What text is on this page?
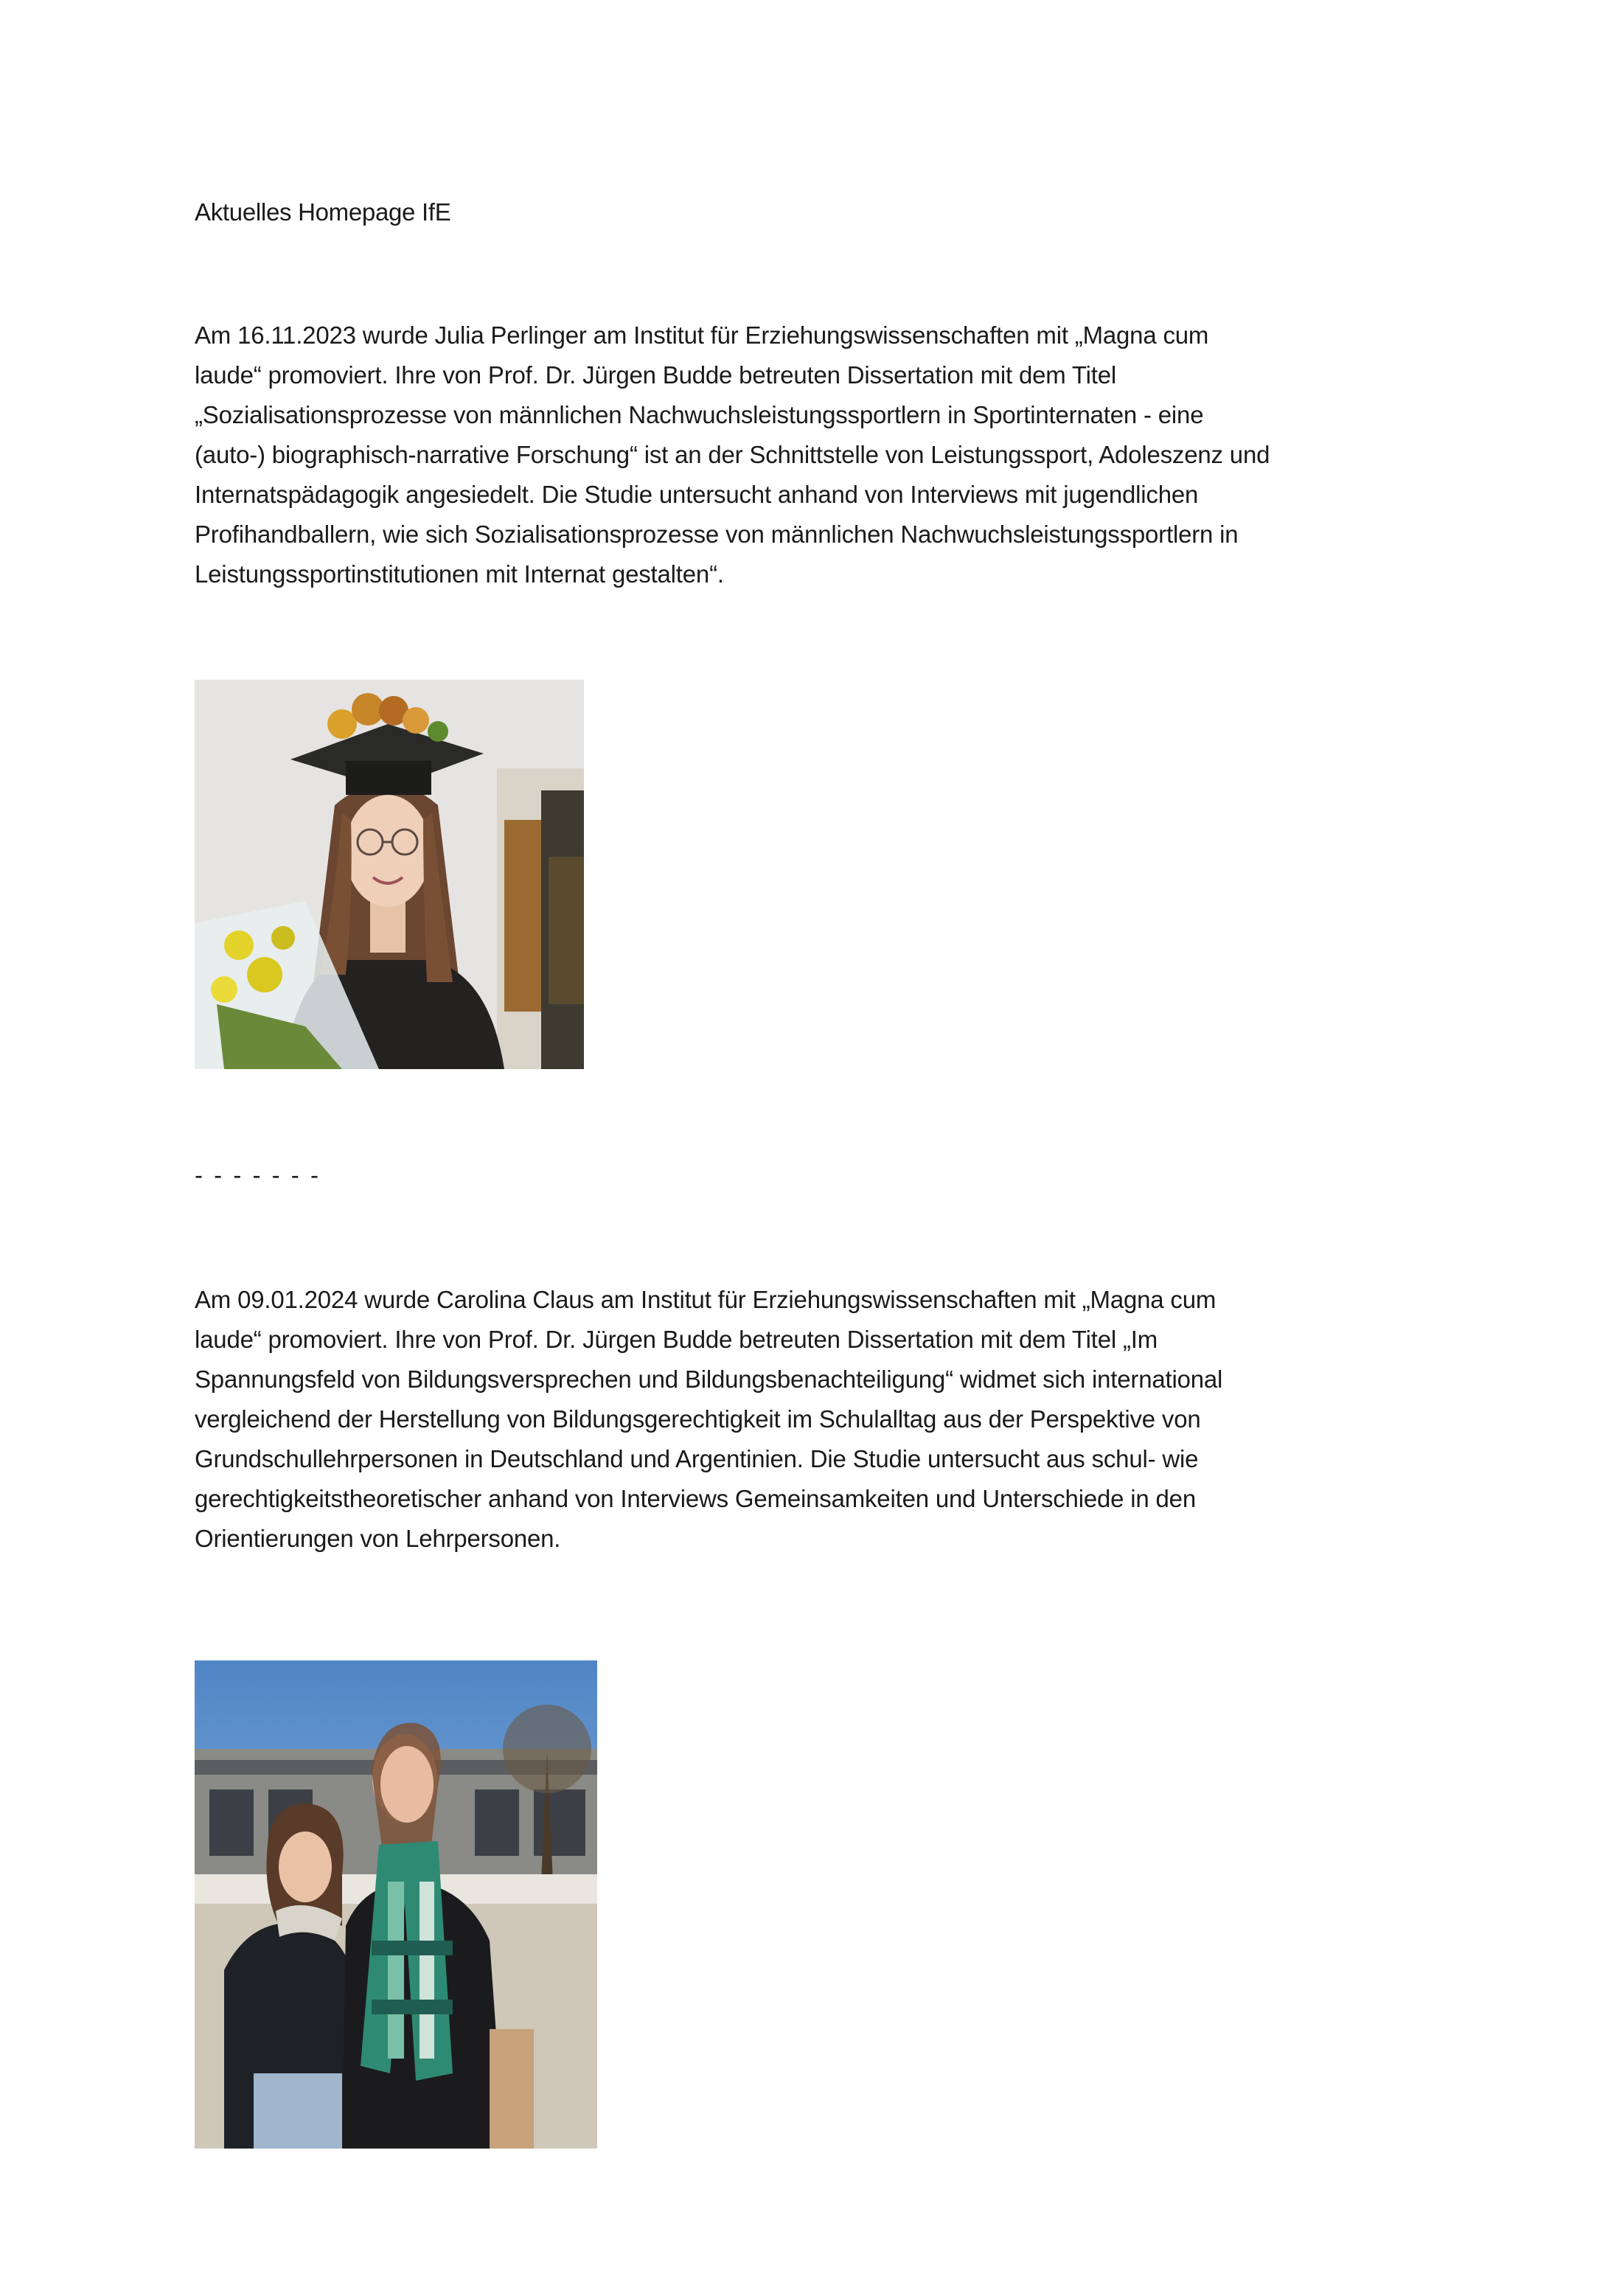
Aktuelles Homepage IfE
Am 16.11.2023 wurde Julia Perlinger am Institut für Erziehungswissenschaften mit „Magna cum
laude“ promoviert. Ihre von Prof. Dr. Jürgen Budde betreuten Dissertation mit dem Titel
„Sozialisationsprozesse von männlichen Nachwuchsleistungssportlern in Sportinternaten - eine
(auto-) biographisch-narrative Forschung“ ist an der Schnittstelle von Leistungssport, Adoleszenz und
Internatspädagogik angesiedelt. Die Studie untersucht anhand von Interviews mit jugendlichen
Profihandballern, wie sich Sozialisationsprozesse von männlichen Nachwuchsleistungssportlern in
Leistungssportinstitutionen mit Internat gestalten“.
- - - - - - -
Am 09.01.2024 wurde Carolina Claus am Institut für Erziehungswissenschaften mit „Magna cum
laude“ promoviert. Ihre von Prof. Dr. Jürgen Budde betreuten Dissertation mit dem Titel „Im
Spannungsfeld von Bildungsversprechen und Bildungsbenachteiligung“ widmet sich international
vergleichend der Herstellung von Bildungsgerechtigkeit im Schulalltag aus der Perspektive von
Grundschullehrpersonen in Deutschland und Argentinien. Die Studie untersucht aus schul- wie
gerechtigkeitstheoretischer anhand von Interviews Gemeinsamkeiten und Unterschiede in den
Orientierungen von Lehrpersonen.
